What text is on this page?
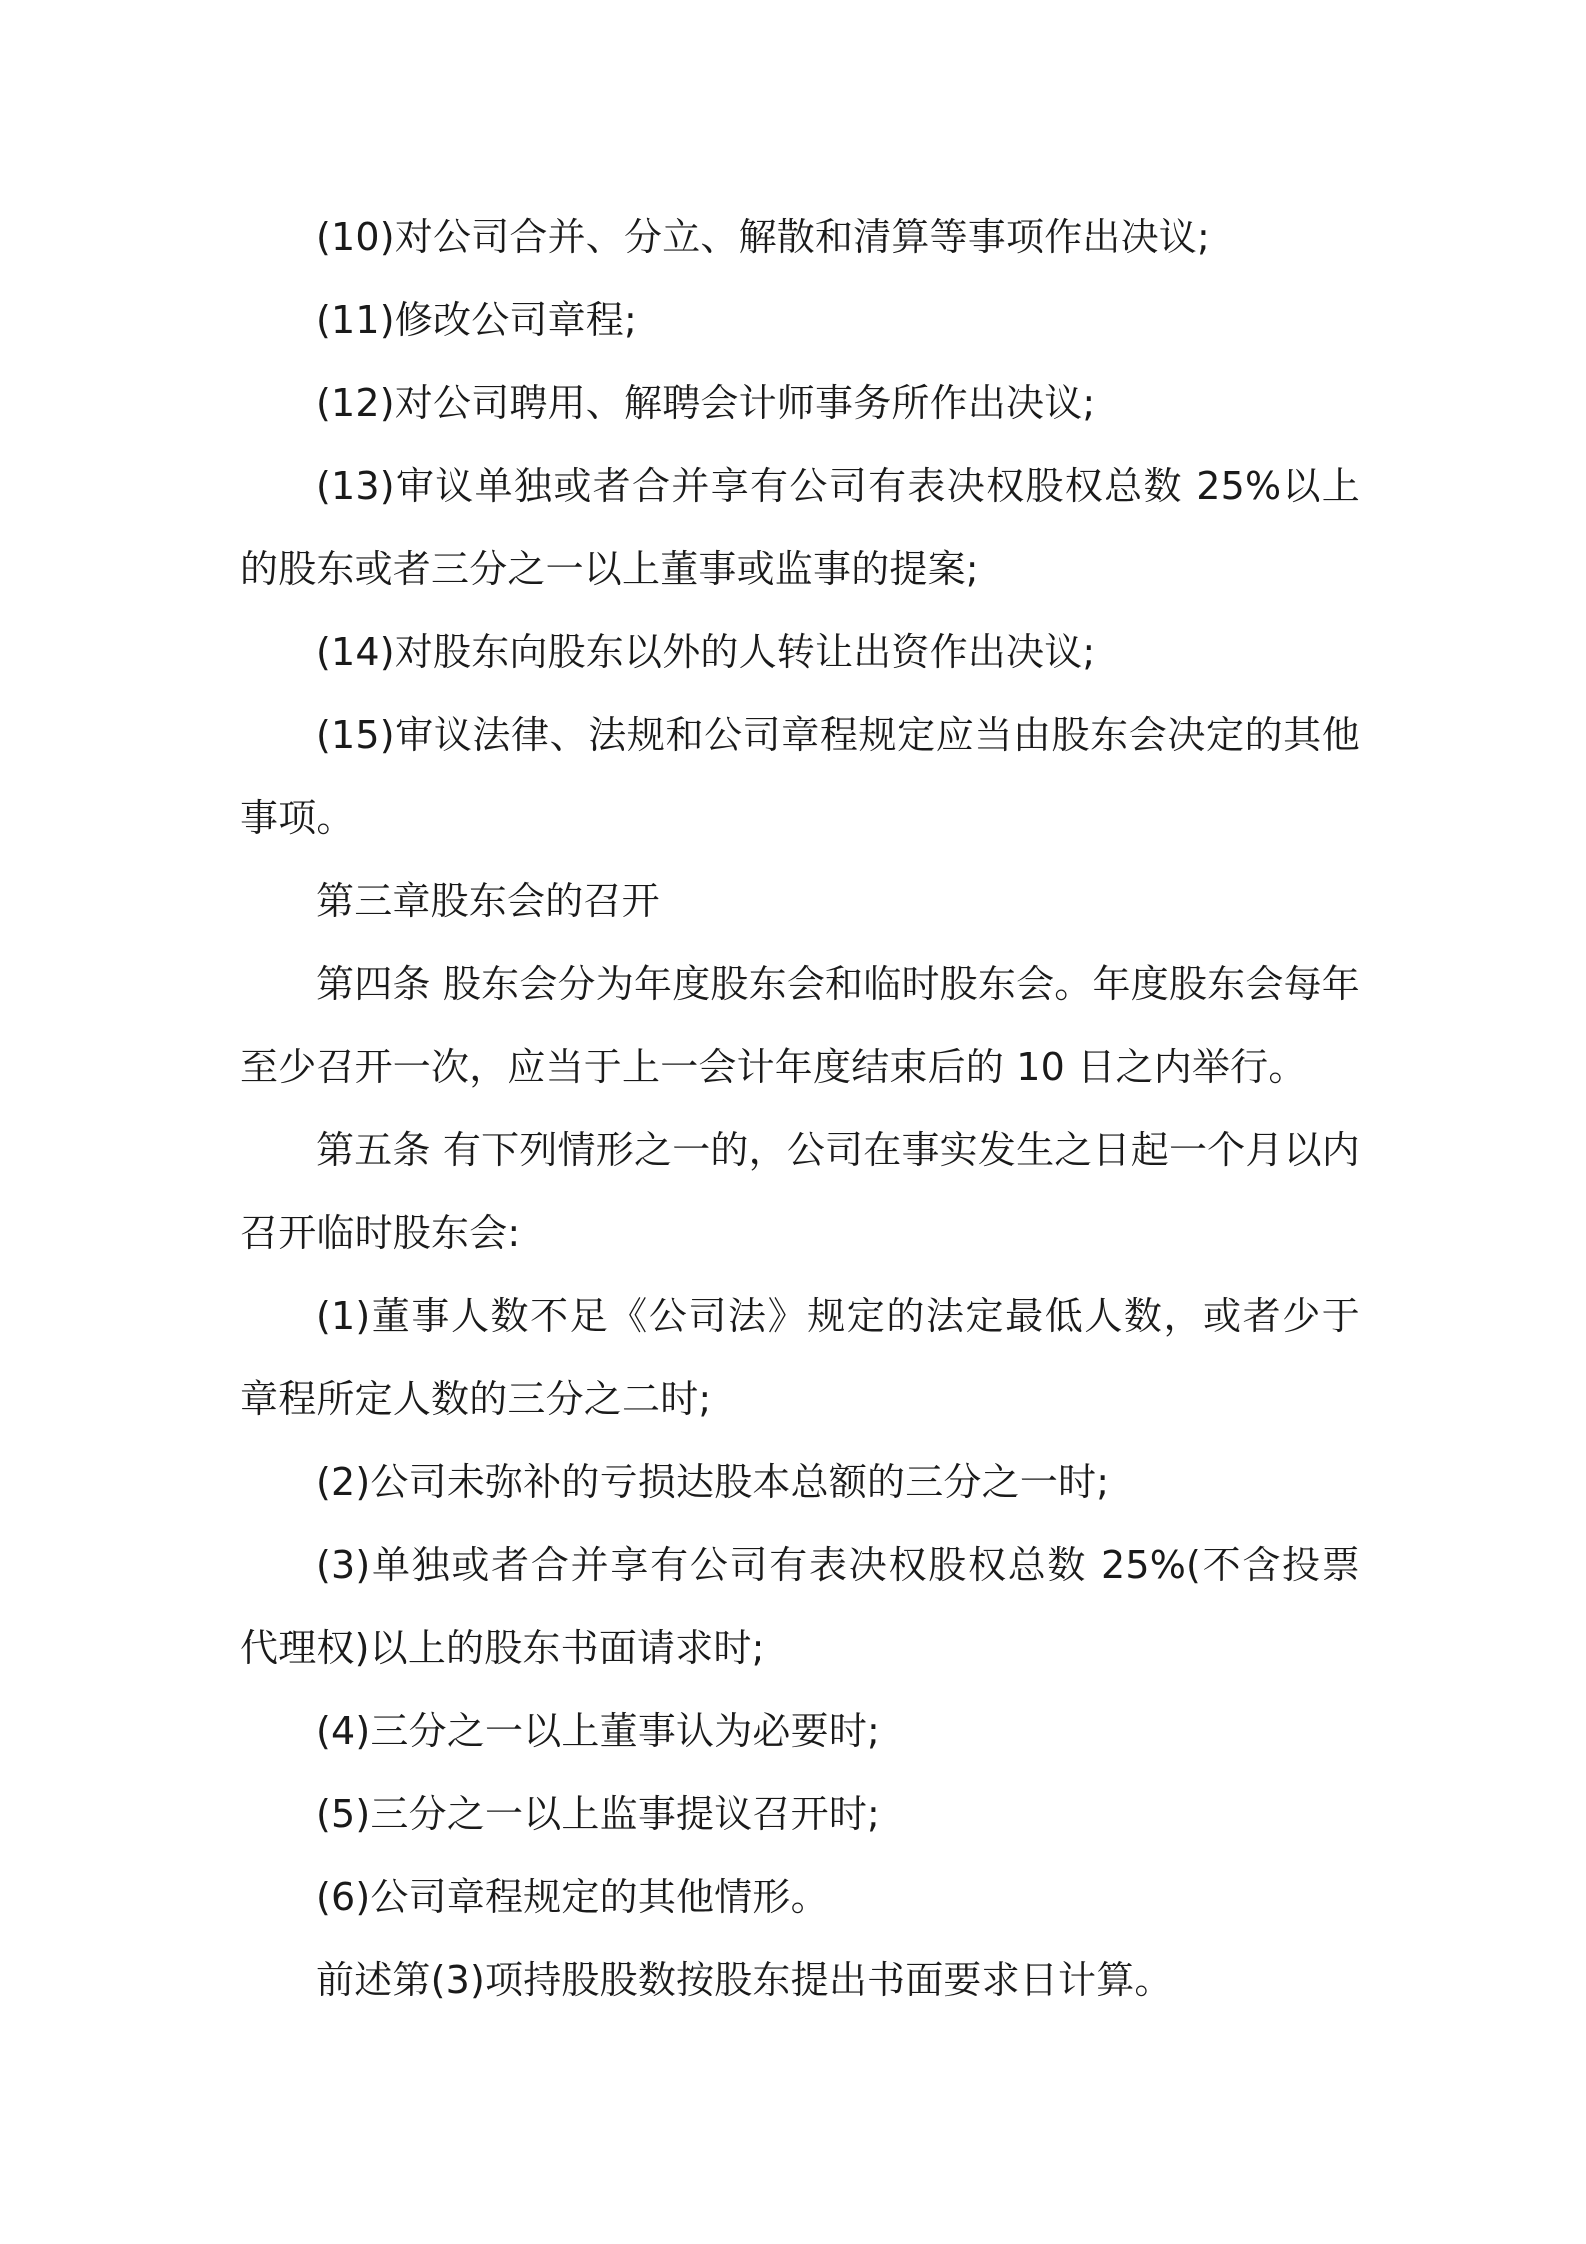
(10)对公司合并、分立、解散和清算等事项作出决议;

(11)修改公司章程;

(12)对公司聘用、解聘会计师事务所作出决议;

(13)审议单独或者合并享有公司有表决权股权总数 25%以上的股东或者三分之一以上董事或监事的提案;

(14)对股东向股东以外的人转让出资作出决议;

(15)审议法律、法规和公司章程规定应当由股东会决定的其他事项。

第三章股东会的召开

第四条 股东会分为年度股东会和临时股东会。年度股东会每年至少召开一次，应当于上一会计年度结束后的 10 日之内举行。

第五条 有下列情形之一的，公司在事实发生之日起一个月以内召开临时股东会:

(1)董事人数不足《公司法》规定的法定最低人数，或者少于章程所定人数的三分之二时;

(2)公司未弥补的亏损达股本总额的三分之一时;

(3)单独或者合并享有公司有表决权股权总数 25%(不含投票代理权)以上的股东书面请求时;

(4)三分之一以上董事认为必要时;

(5)三分之一以上监事提议召开时;

(6)公司章程规定的其他情形。

前述第(3)项持股股数按股东提出书面要求日计算。
